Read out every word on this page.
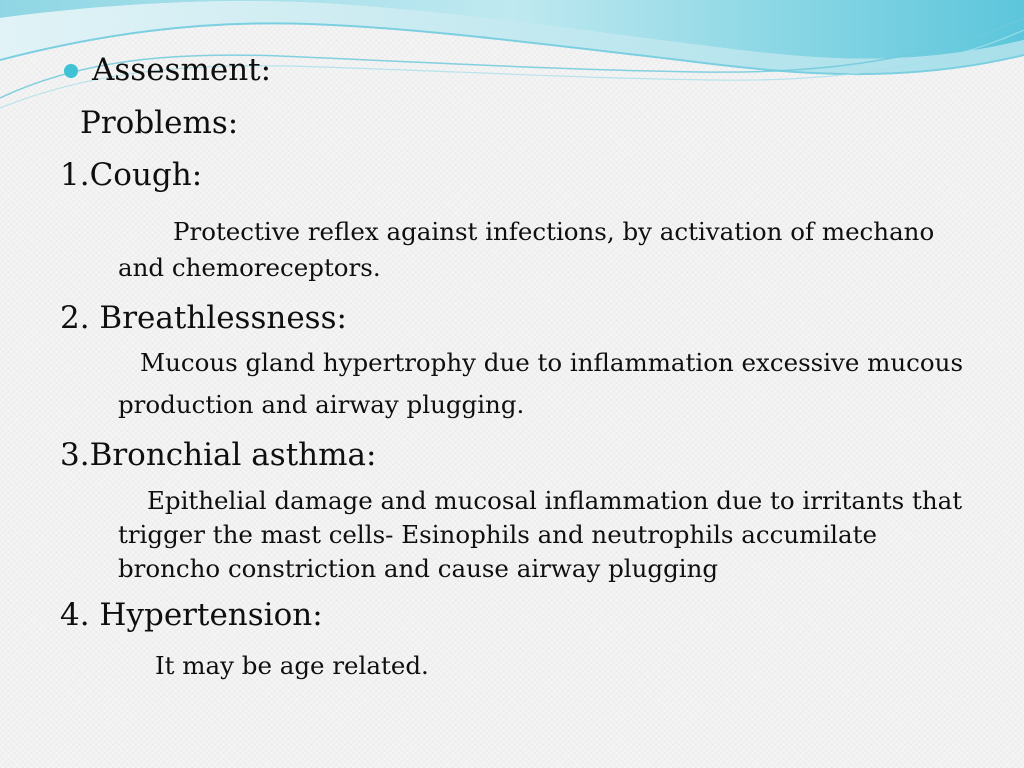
Assesment:

Problems:

1.Cough:

Protective reflex against infections, by activation of mechano

and chemoreceptors.

2. Breathlessness:

Mucous gland hypertrophy due to inflammation excessive mucous

production and airway plugging.

3.Bronchial asthma:

Epithelial damage and mucosal inflammation due to irritants that

trigger the mast cells- Esinophils and neutrophils accumilate

broncho constriction and cause airway plugging

4. Hypertension:

It may be age related.
